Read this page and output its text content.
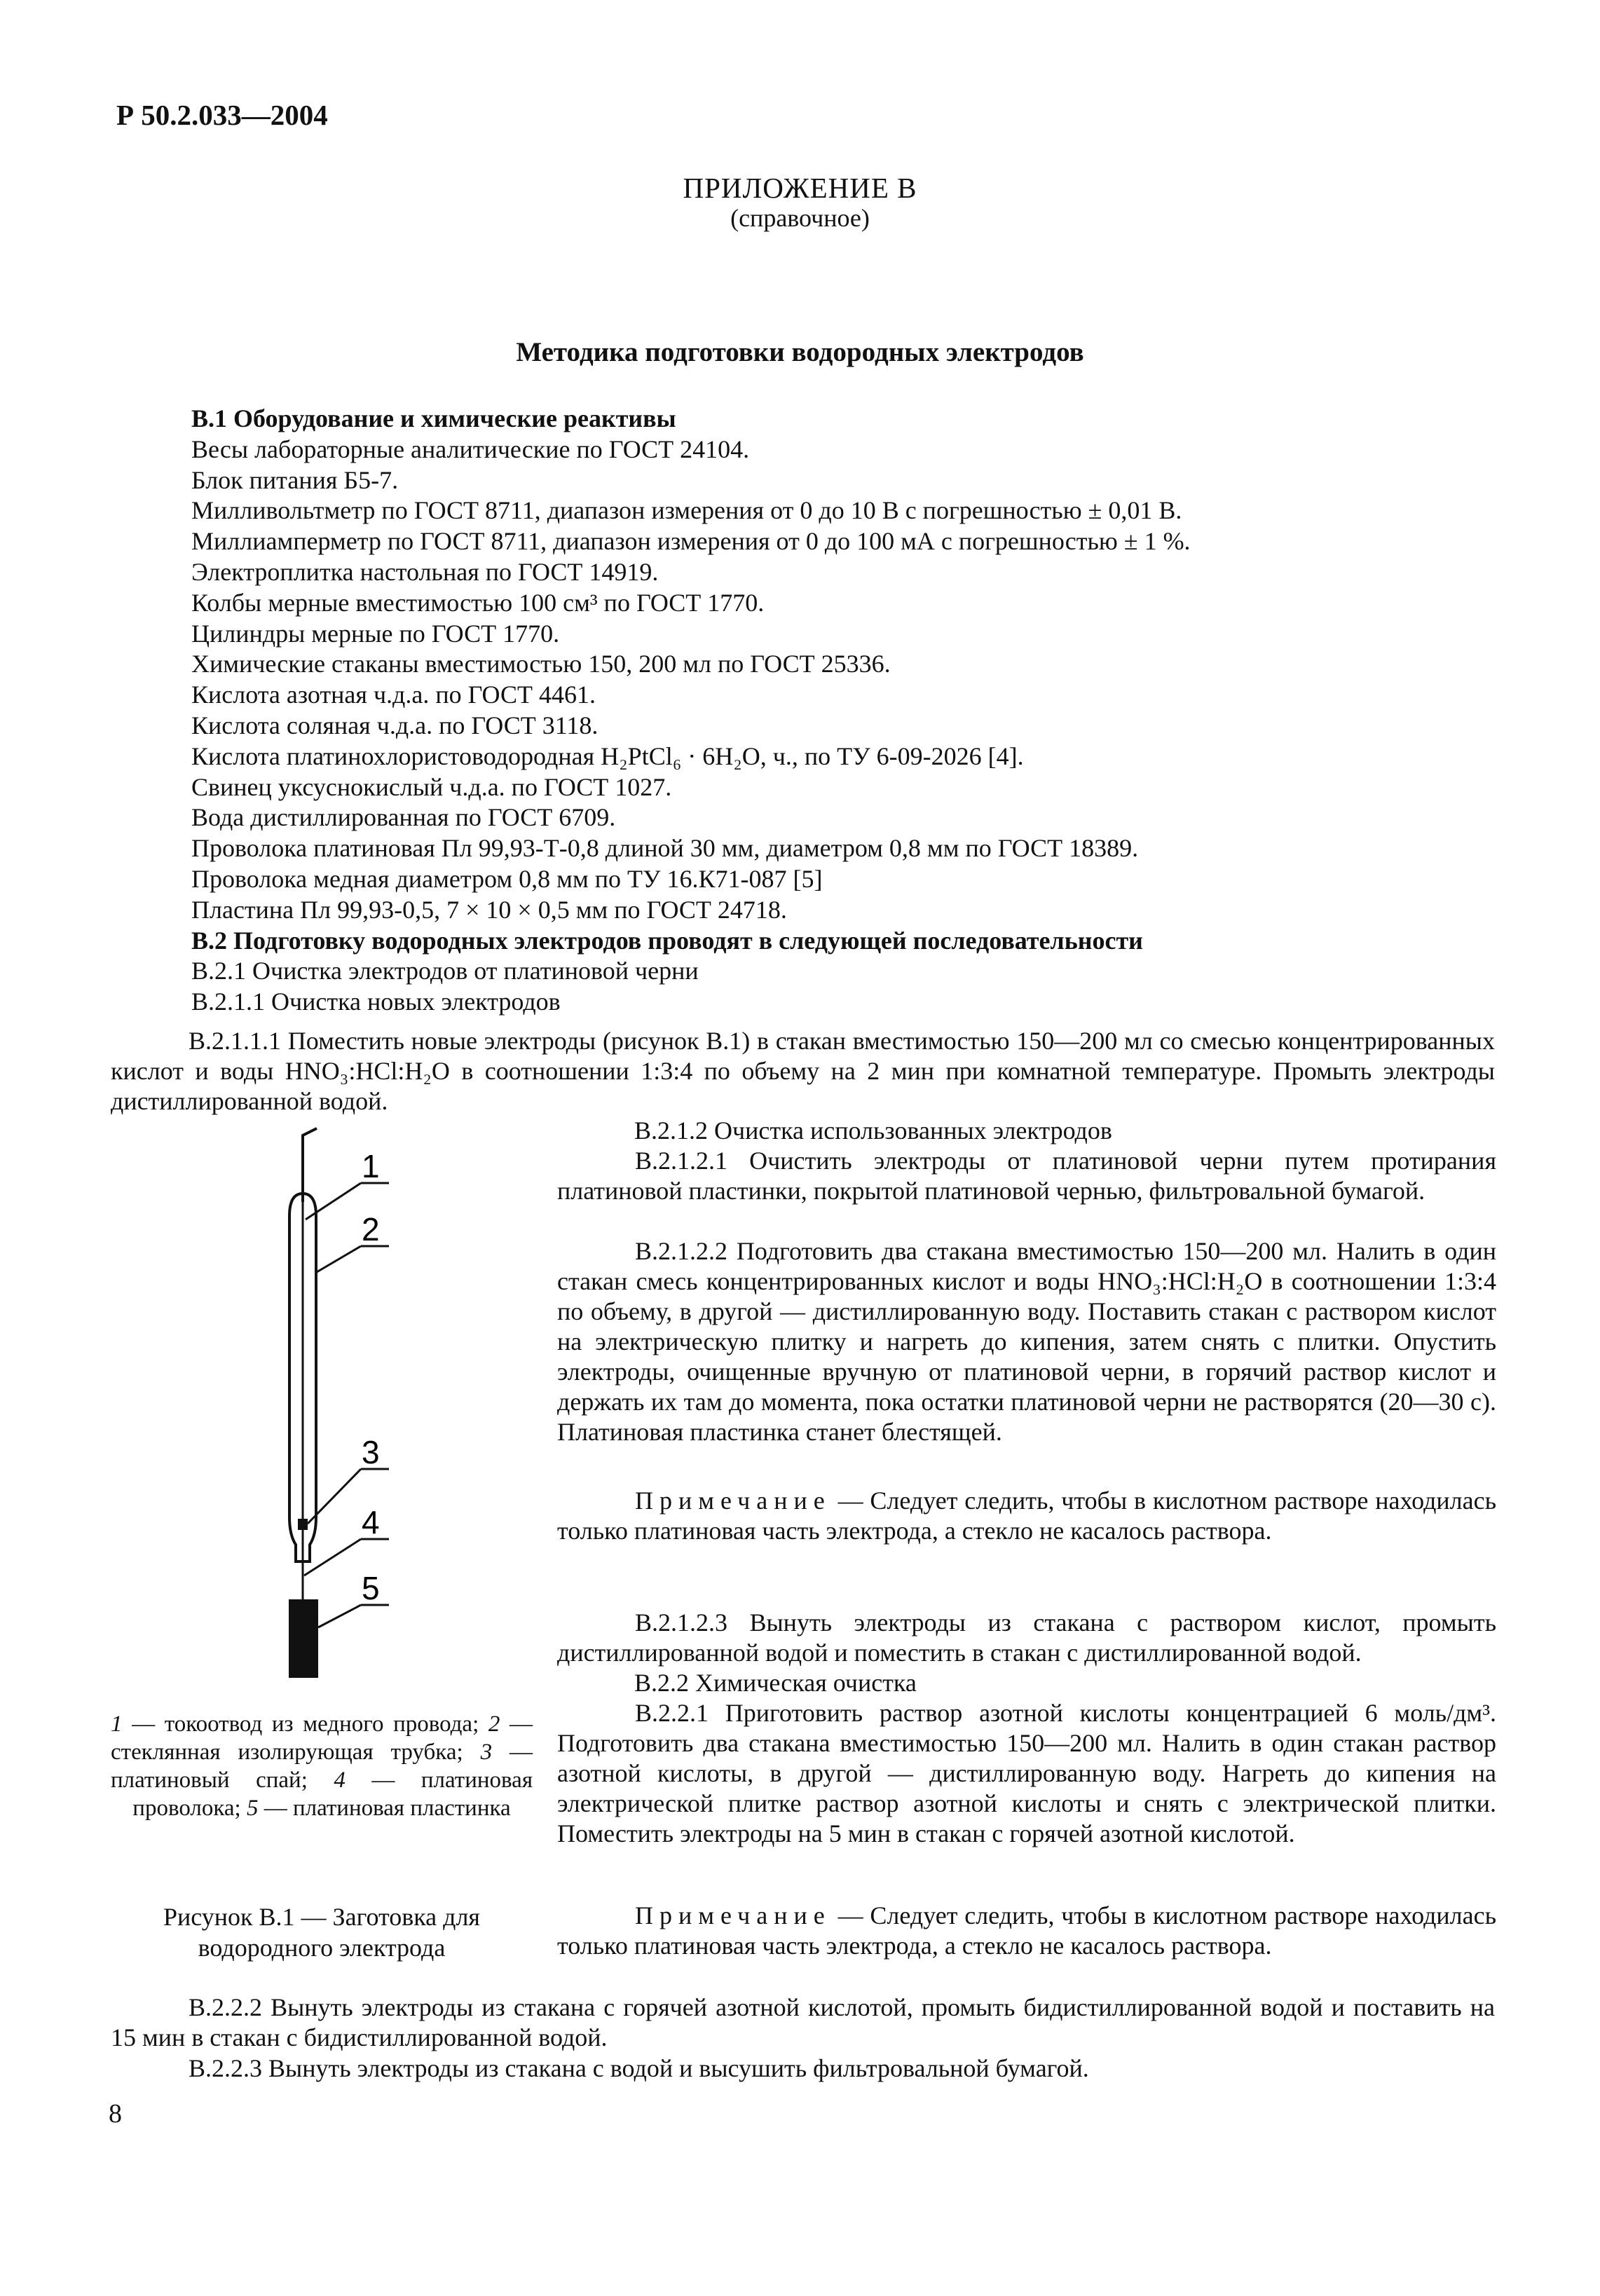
Р 50.2.033—2004
ПРИЛОЖЕНИЕ В
(справочное)
Методика подготовки водородных электродов
В.1 Оборудование и химические реактивы
Весы лабораторные аналитические по ГОСТ 24104.
Блок питания Б5-7.
Милливольтметр по ГОСТ 8711, диапазон измерения от 0 до 10 В с погрешностью ± 0,01 В.
Миллиамперметр по ГОСТ 8711, диапазон измерения от 0 до 100 мА с погрешностью ± 1 %.
Электроплитка настольная по ГОСТ 14919.
Колбы мерные вместимостью 100 см³ по ГОСТ 1770.
Цилиндры мерные по ГОСТ 1770.
Химические стаканы вместимостью 150, 200 мл по ГОСТ 25336.
Кислота азотная ч.д.а. по ГОСТ 4461.
Кислота соляная ч.д.а. по ГОСТ 3118.
Кислота платинохлористоводородная H₂PtCl₆ · 6H₂O, ч., по ТУ 6-09-2026 [4].
Свинец уксуснокислый ч.д.а. по ГОСТ 1027.
Вода дистиллированная по ГОСТ 6709.
Проволока платиновая Пл 99,93-Т-0,8 длиной 30 мм, диаметром 0,8 мм по ГОСТ 18389.
Проволока медная диаметром 0,8 мм по ТУ 16.К71-087 [5]
Пластина Пл 99,93-0,5, 7 × 10 × 0,5 мм по ГОСТ 24718.
В.2 Подготовку водородных электродов проводят в следующей последовательности
В.2.1 Очистка электродов от платиновой черни
В.2.1.1 Очистка новых электродов
В.2.1.1.1 Поместить новые электроды (рисунок В.1) в стакан вместимостью 150—200 мл со смесью концентрированных кислот и воды HNO₃:HCl:H₂O в соотношении 1:3:4 по объему на 2 мин при комнатной температуре. Промыть электроды дистиллированной водой.
В.2.1.2 Очистка использованных электродов
В.2.1.2.1 Очистить электроды от платиновой черни путем протирания платиновой пластинки, покрытой платиновой чернью, фильтровальной бумагой.
В.2.1.2.2 Подготовить два стакана вместимостью 150—200 мл. Налить в один стакан смесь концентрированных кислот и воды HNO₃:HCl:H₂O в соотношении 1:3:4 по объему, в другой — дистиллированную воду. Поставить стакан с раствором кислот на электрическую плитку и нагреть до кипения, затем снять с плитки. Опустить электроды, очищенные вручную от платиновой черни, в горячий раствор кислот и держать их там до момента, пока остатки платиновой черни не растворятся (20—30 с). Платиновая пластинка станет блестящей.
Примечание — Следует следить, чтобы в кислотном растворе находилась только платиновая часть электрода, а стекло не касалось раствора.
В.2.1.2.3 Вынуть электроды из стакана с раствором кислот, промыть дистиллированной водой и поместить в стакан с дистиллированной водой.
В.2.2 Химическая очистка
В.2.2.1 Приготовить раствор азотной кислоты концентрацией 6 моль/дм³. Подготовить два стакана вместимостью 150—200 мл. Налить в один стакан раствор азотной кислоты, в другой — дистиллированную воду. Нагреть до кипения на электрической плитке раствор азотной кислоты и снять с электрической плитки. Поместить электроды на 5 мин в стакан с горячей азотной кислотой.
Примечание — Следует следить, чтобы в кислотном растворе находилась только платиновая часть электрода, а стекло не касалось раствора.
В.2.2.2 Вынуть электроды из стакана с горячей азотной кислотой, промыть бидистиллированной водой и поставить на 15 мин в стакан с бидистиллированной водой.
В.2.2.3 Вынуть электроды из стакана с водой и высушить фильтровальной бумагой.
1
2
3
4
5
1 — токоотвод из медного провода; 2 — стеклянная изолирующая трубка; 3 — платиновый спай; 4 — платиновая проволока; 5 — платиновая пластинка
Рисунок В.1 — Заготовка для водородного электрода
8
